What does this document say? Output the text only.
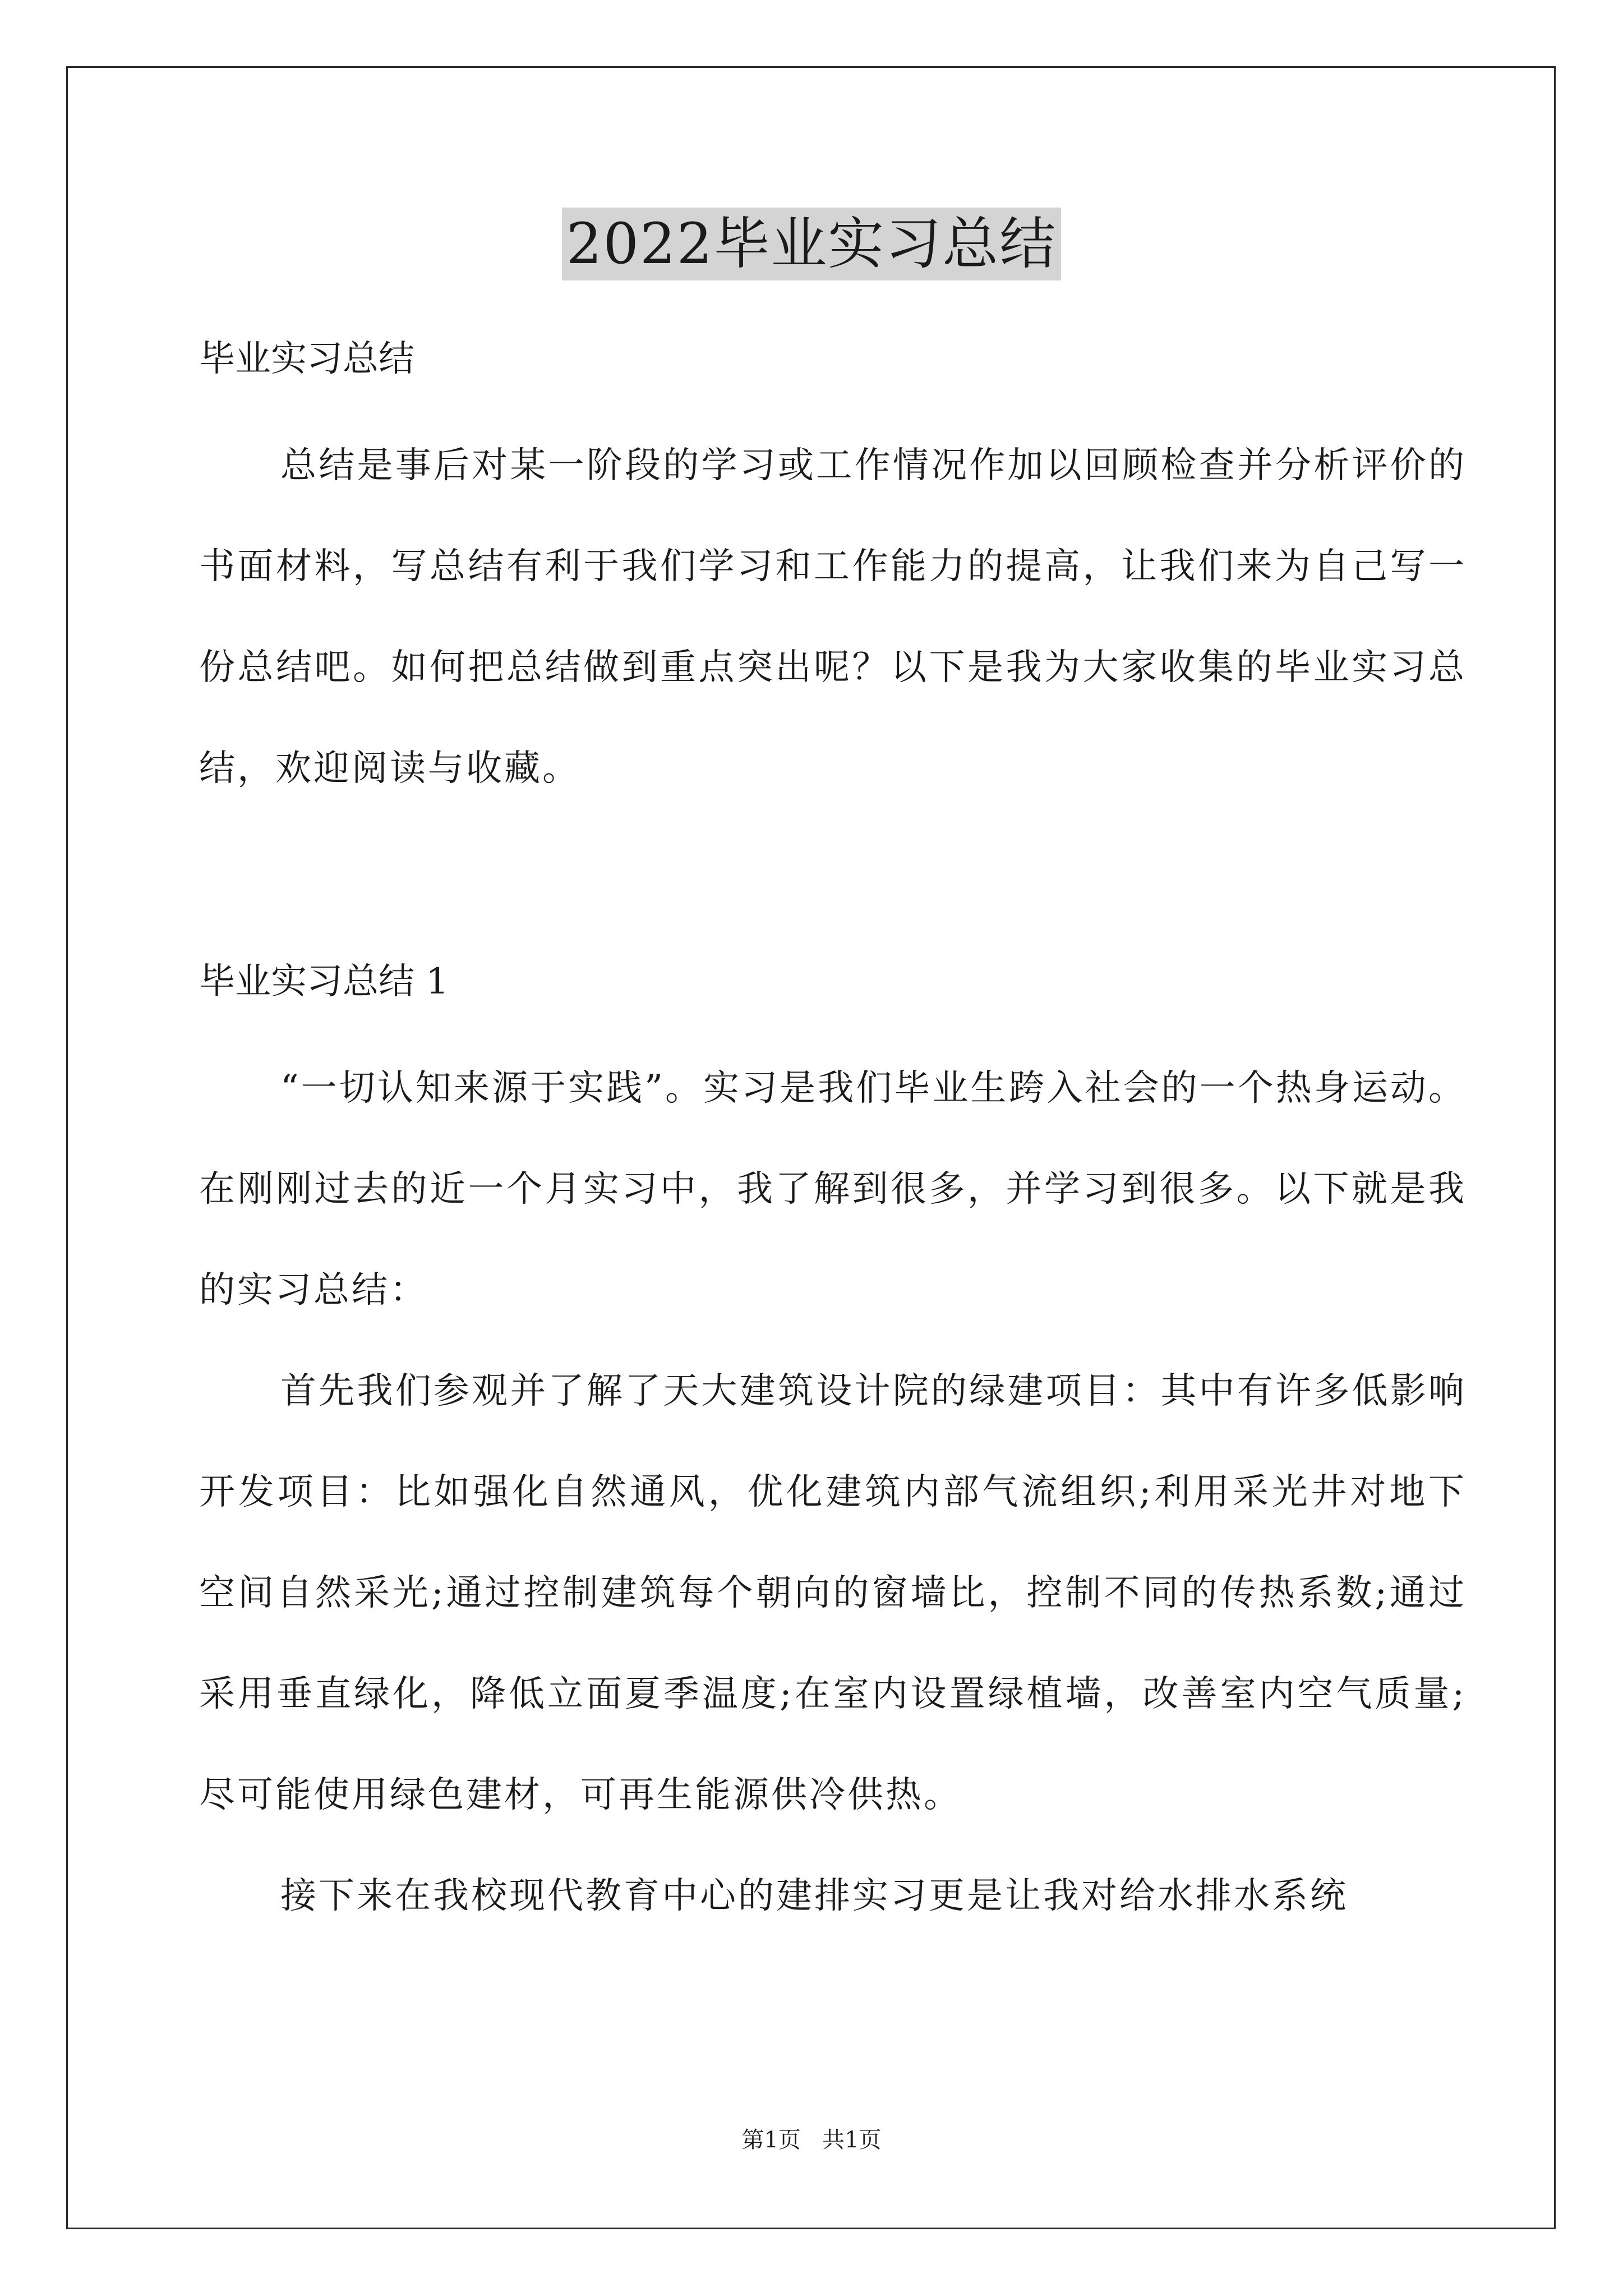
2022毕业实习总结

毕业实习总结

总结是事后对某一阶段的学习或工作情况作加以回顾检查并分析评价的书面材料，写总结有利于我们学习和工作能力的提高，让我们来为自己写一份总结吧。如何把总结做到重点突出呢？以下是我为大家收集的毕业实习总结，欢迎阅读与收藏。

毕业实习总结 1

“一切认知来源于实践”。实习是我们毕业生跨入社会的一个热身运动。在刚刚过去的近一个月实习中，我了解到很多，并学习到很多。以下就是我的实习总结：

首先我们参观并了解了天大建筑设计院的绿建项目：其中有许多低影响开发项目：比如强化自然通风，优化建筑内部气流组织;利用采光井对地下空间自然采光;通过控制建筑每个朝向的窗墙比，控制不同的传热系数;通过采用垂直绿化，降低立面夏季温度;在室内设置绿植墙，改善室内空气质量;尽可能使用绿色建材，可再生能源供冷供热。

接下来在我校现代教育中心的建排实习更是让我对给水排水系统

第1页   共1页
